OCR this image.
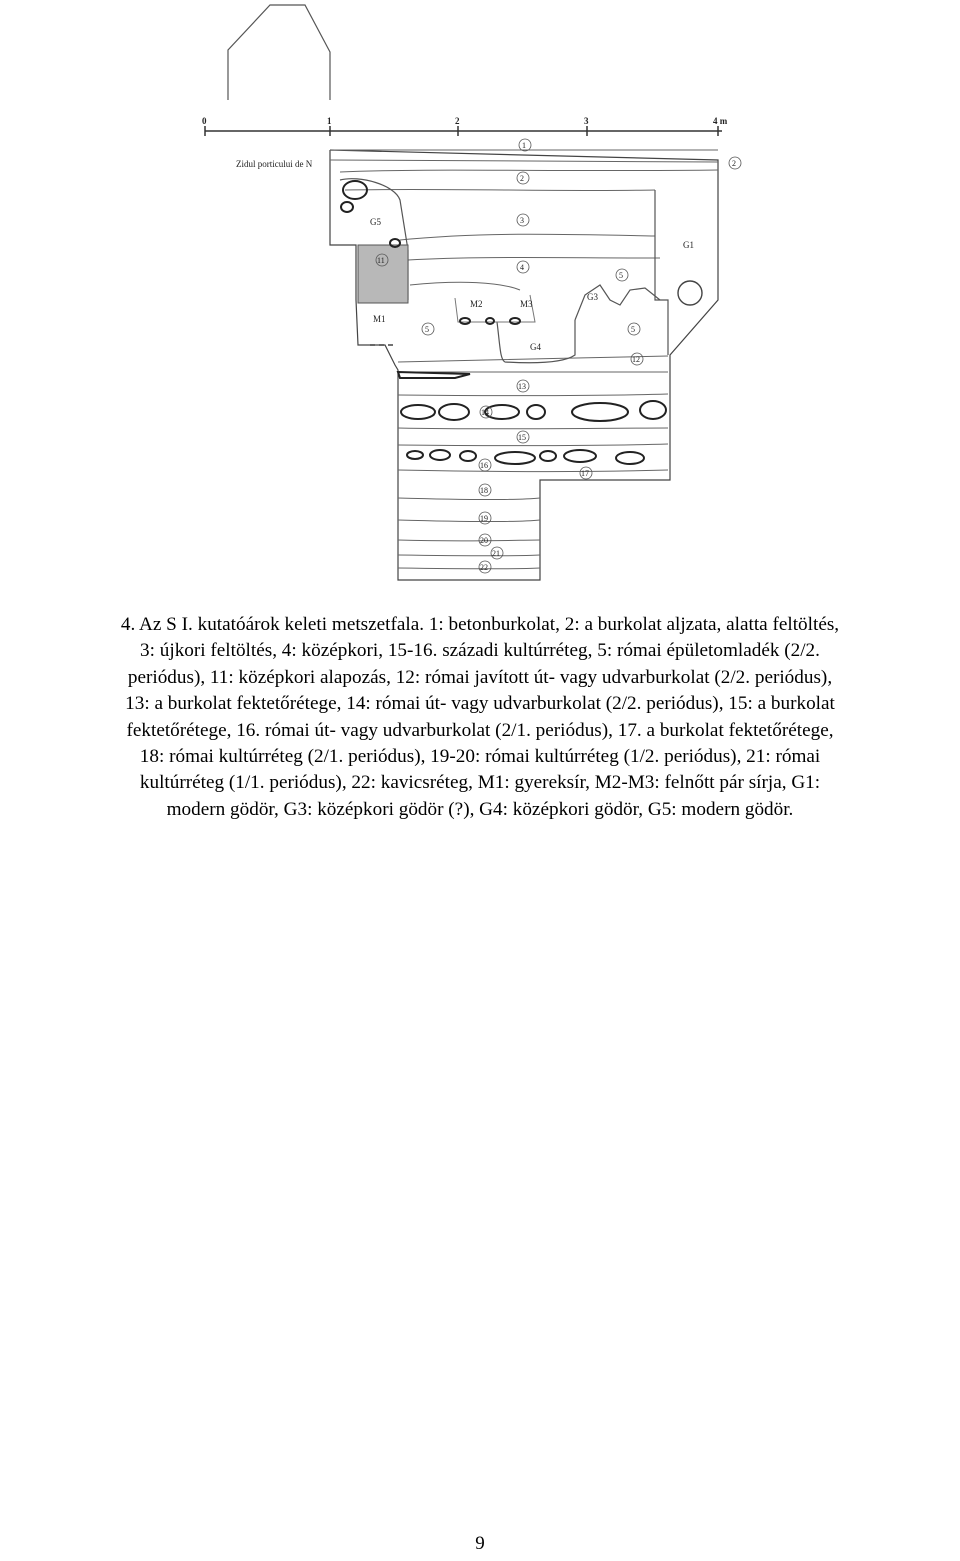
0	1	2	3	4 m
Zidul porticului de N
G5
G1
M1
M2	M3
G3
G4
1
2
2
3
4
5
5	5
11
12
13
14
15
16
17
18
19
20
21
22

4. Az S I. kutatóárok keleti metszetfala. 1: betonburkolat, 2: a burkolat aljzata, alatta feltöltés,
3: újkori feltöltés, 4: középkori, 15-16. századi kultúrréteg, 5: római épületomladék (2/2.
periódus), 11: középkori alapozás, 12: római javított út- vagy udvarburkolat (2/2. periódus),
13: a burkolat fektetőrétege, 14: római út- vagy udvarburkolat (2/2. periódus), 15: a burkolat
fektetőrétege, 16. római út- vagy udvarburkolat (2/1. periódus), 17. a burkolat fektetőrétege,
18: római kultúrréteg (2/1. periódus), 19-20: római kultúrréteg (1/2. periódus), 21: római
kultúrréteg (1/1. periódus), 22: kavicsréteg, M1: gyereksír, M2-M3: felnőtt pár sírja, G1:
modern gödör, G3: középkori gödör (?), G4: középkori gödör, G5: modern gödör.

9
